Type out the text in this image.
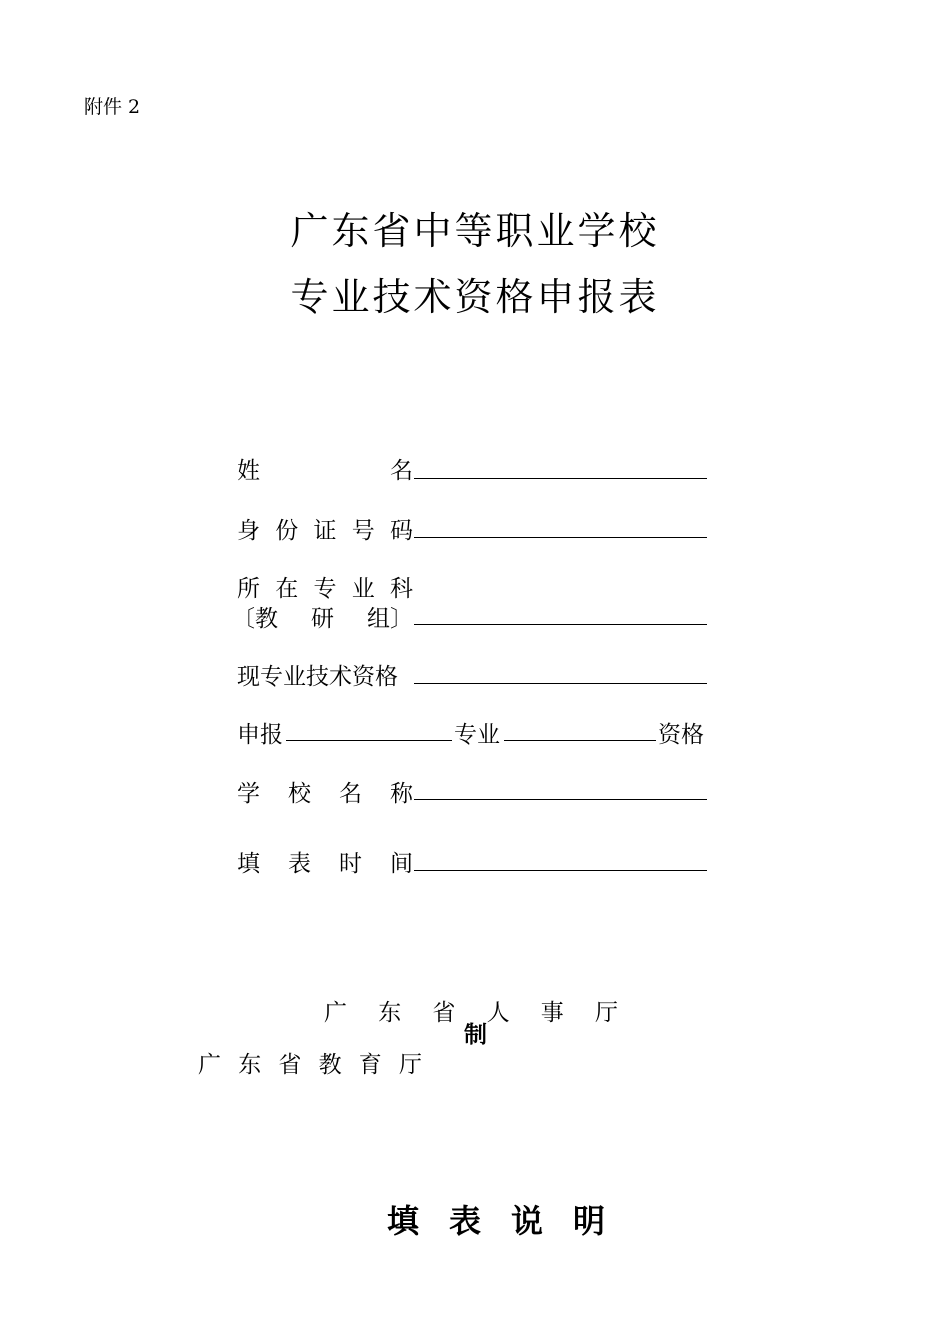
附件 2
广东省中等职业学校
专业技术资格申报表
姓	名
身 份 证 号 码
所 在 专 业 科
〔教 研 组〕
现专业技术资格
申报	专业	资格
学 校 名 称
填 表 时 间
广 东 省 人 事 厅
制
广 东 省 教 育 厅
填 表 说 明
